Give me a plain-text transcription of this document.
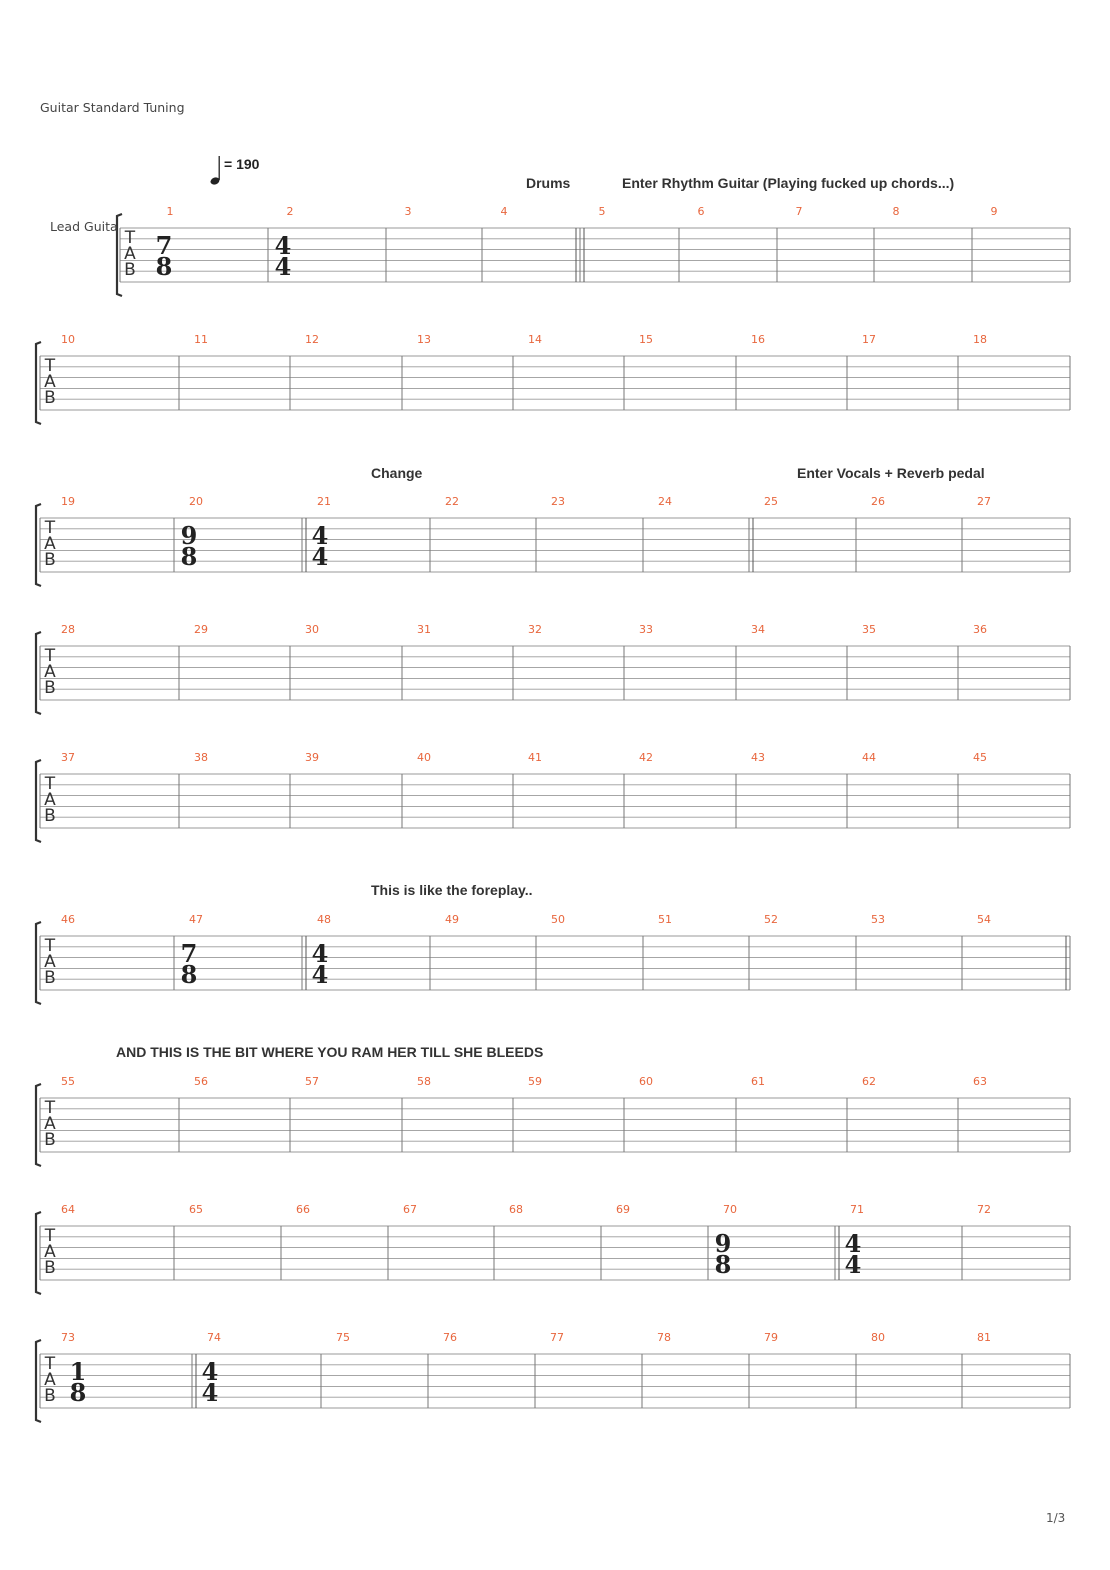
Guitar Standard Tuning
1/3
T
A
B
1
7
8
2
4
4
3	4	5	6	7	8	9
Drums	Enter Rhythm Guitar (Playing fucked up chords...)
T
A
B
10	11	12	13	14	15	16	17	18
T
A
B
19	20
9
8
21
4
4
22	23	24	25	26	27
Change	Enter Vocals + Reverb pedal
T
A
B
28	29	30	31	32	33	34	35	36
T
A
B
37	38	39	40	41	42	43	44	45
T
A
B
46	47
7
8
48
4
4
49	50	51	52	53	54
This is like the foreplay..
T
A
B
55	56	57	58	59	60	61	62	63
AND THIS IS THE BIT WHERE YOU RAM HER TILL SHE BLEEDS
T
A
B
64	65	66	67	68	69	70
9
8
71
4
4
72
T
A
B
73
1
8
74
4
4
75	76	77	78	79	80	81
Lead Guita
= 190
